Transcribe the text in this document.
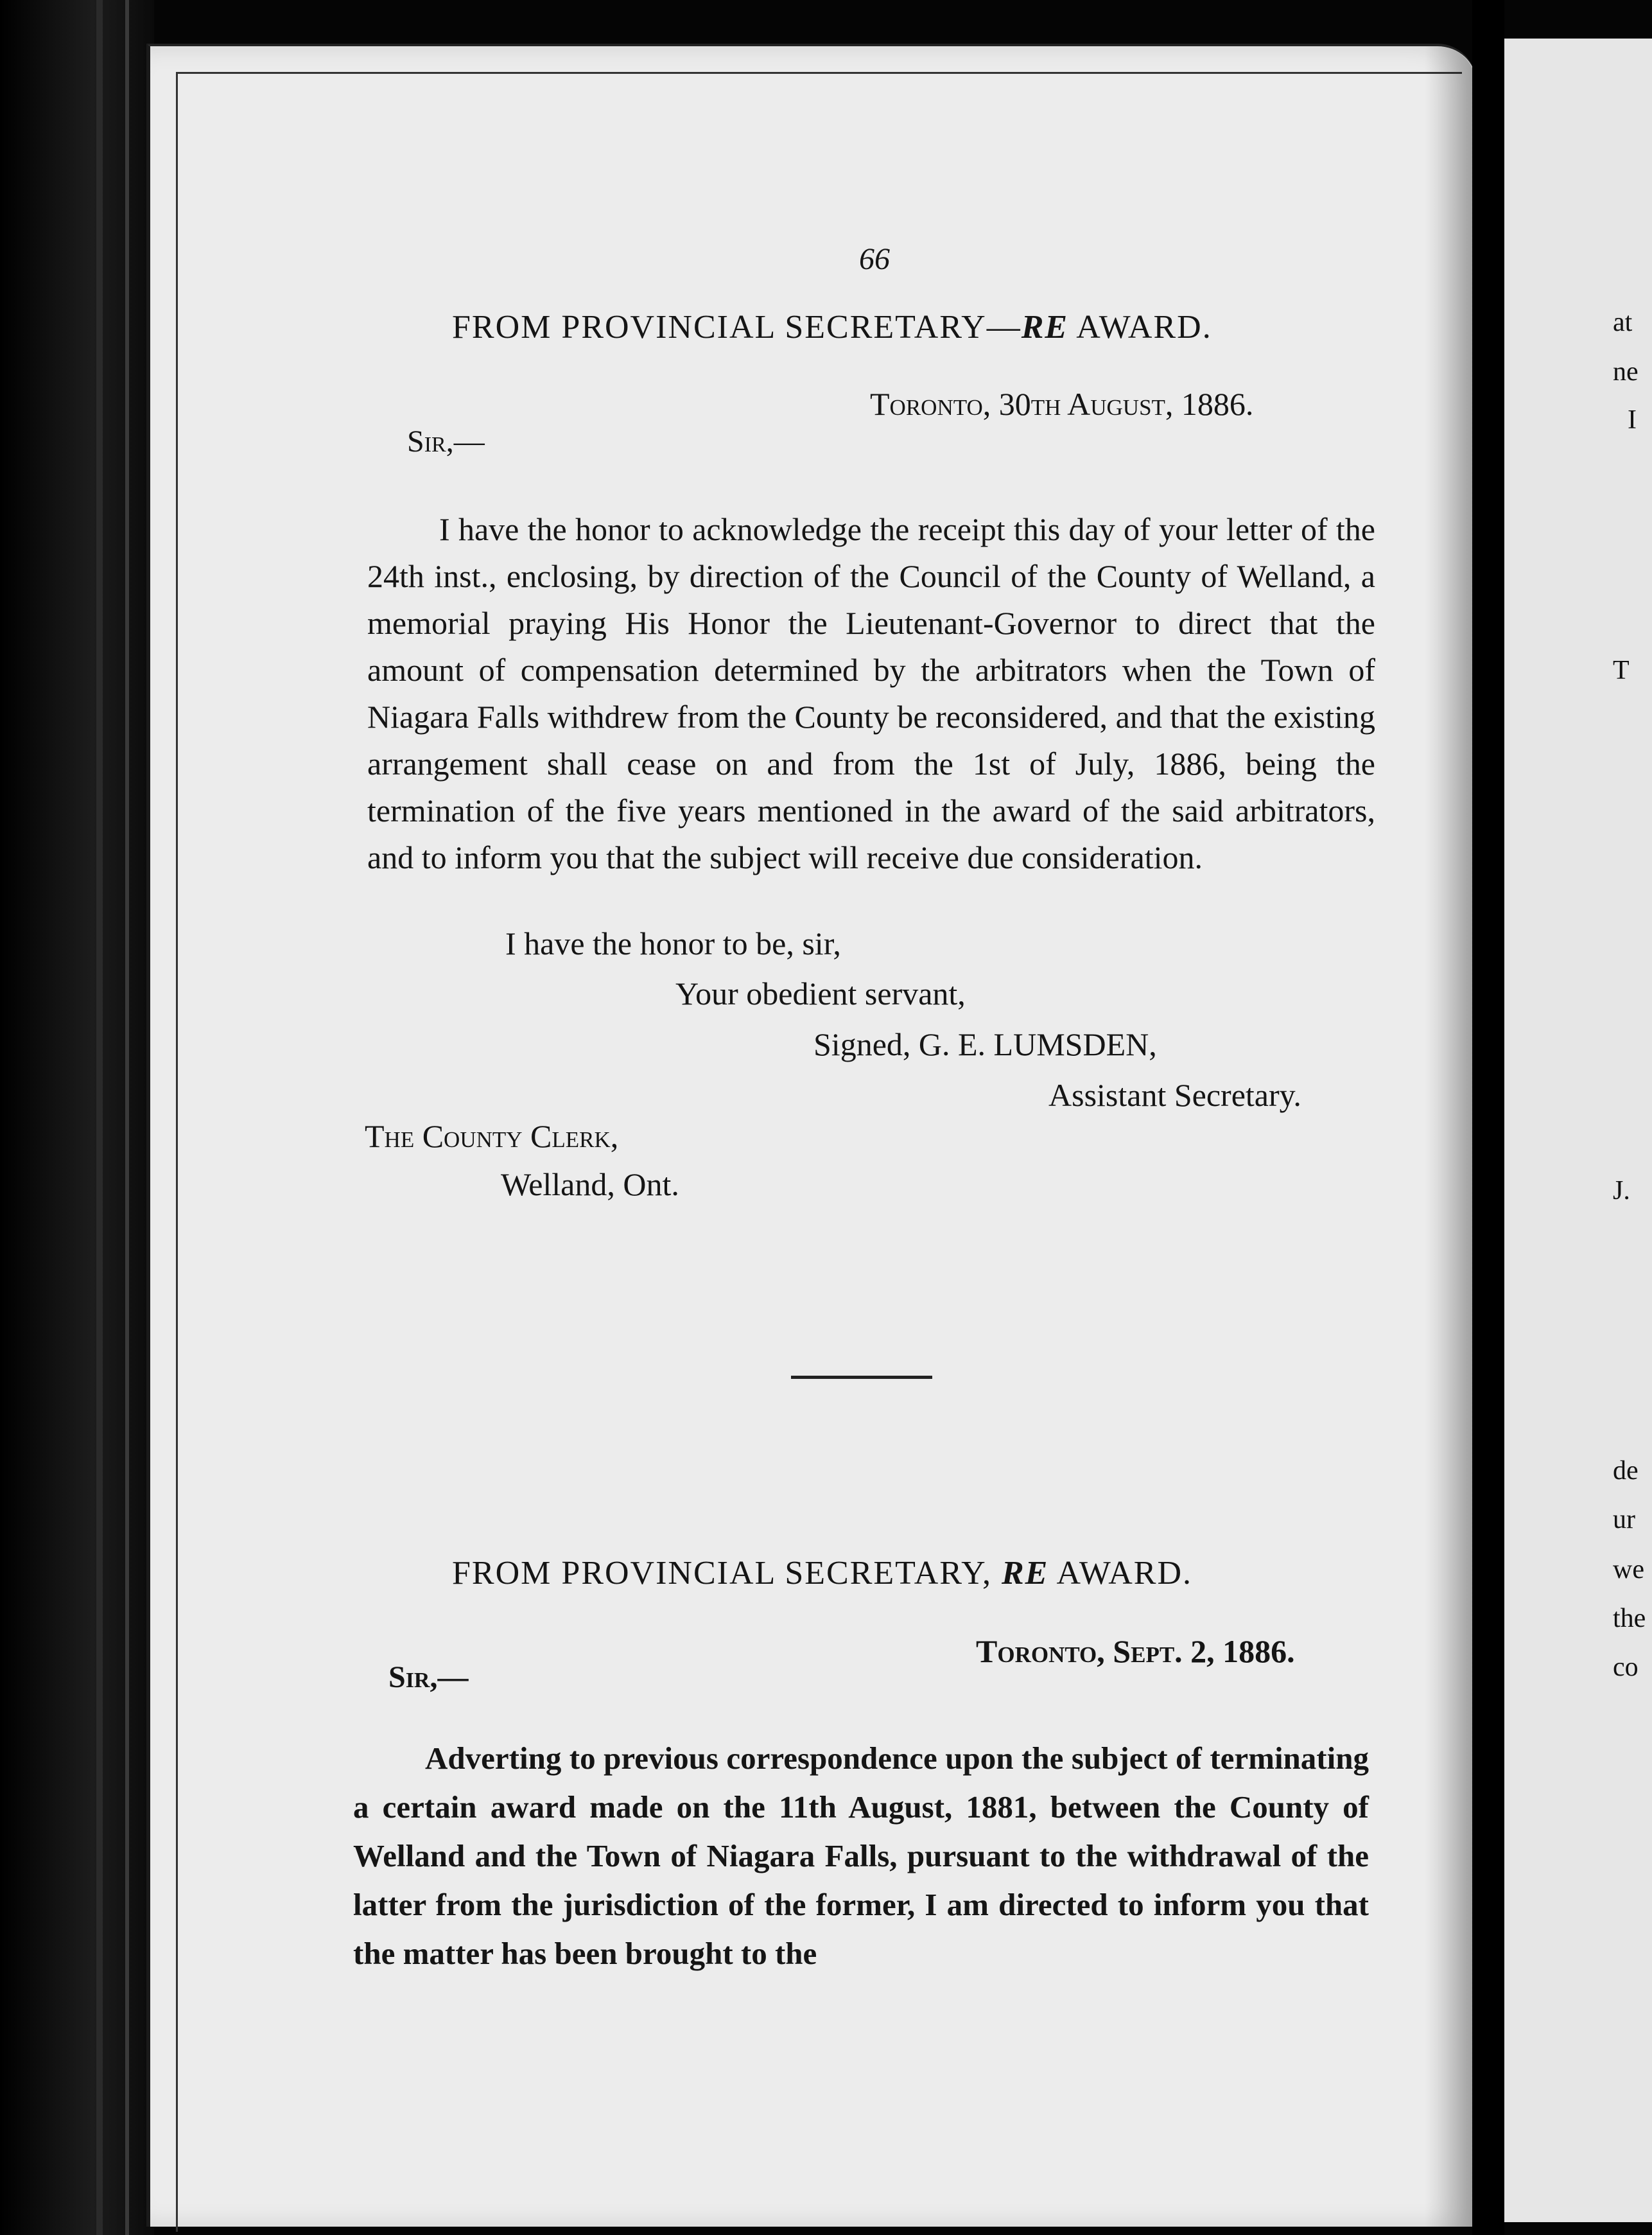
at
ne
I
T
J.
de
ur
we
the
co
66
FROM PROVINCIAL SECRETARY—RE AWARD.
Toronto, 30th August, 1886.
Sir,—

I have the honor to acknowledge the receipt this day of your letter of the 24th inst., enclosing, by direction of the Council of the County of Welland, a memorial praying His Honor the Lieutenant-Governor to direct that the amount of compensation determined by the arbitrators when the Town of Niagara Falls withdrew from the County be reconsidered, and that the existing arrangement shall cease on and from the 1st of July, 1886, being the termination of the five years mentioned in the award of the said arbitrators, and to inform you that the subject will receive due consideration.

I have the honor to be, sir,
Your obedient servant,
Signed, G. E. LUMSDEN,
Assistant Secretary.
The County Clerk,
Welland, Ont.
FROM PROVINCIAL SECRETARY, RE AWARD.
Toronto, Sept. 2, 1886.
Sir,—

Adverting to previous correspondence upon the subject of terminating a certain award made on the 11th August, 1881, between the County of Welland and the Town of Niagara Falls, pursuant to the withdrawal of the latter from the jurisdiction of the former, I am directed to inform you that the matter has been brought to the
